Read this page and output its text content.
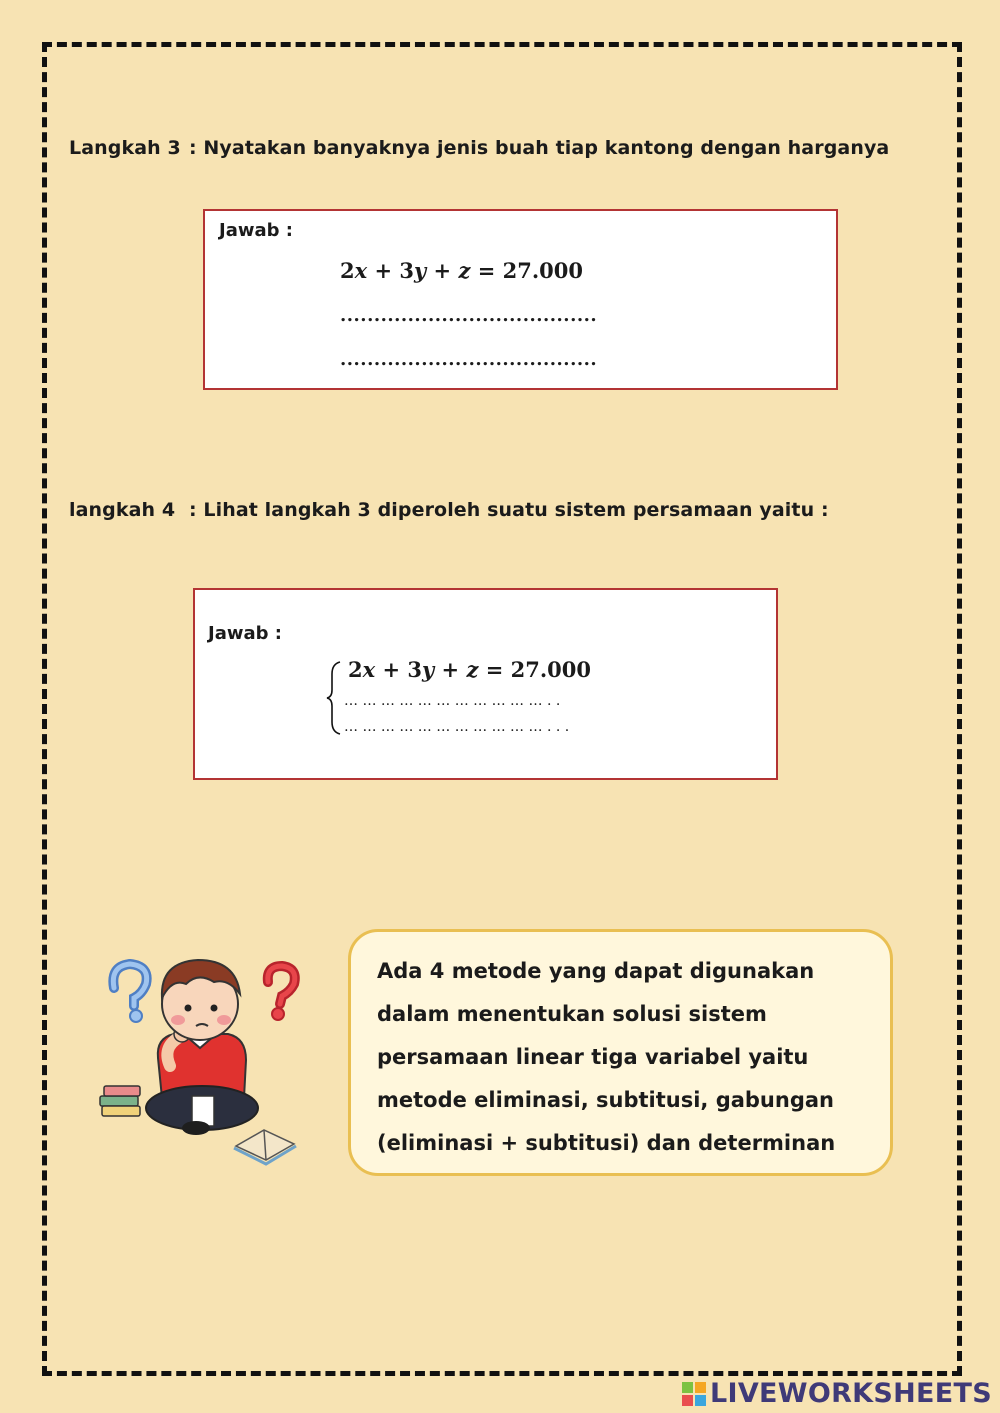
Langkah 3 : Nyatakan banyaknya jenis buah tiap kantong dengan harganya
Jawab :
2x + 3y + z = 27.000
......................................
......................................
langkah 4 : Lihat langkah 3 diperoleh suatu sistem persamaan yaitu :
Jawab :
2x + 3y + z = 27.000
… … … … … … … … … … … . .
… … … … … … … … … … … . . .
Ada 4 metode yang dapat digunakan
dalam menentukan solusi sistem
persamaan linear tiga variabel yaitu
metode eliminasi, subtitusi, gabungan
(eliminasi + subtitusi) dan determinan
LIVEWORKSHEETS
